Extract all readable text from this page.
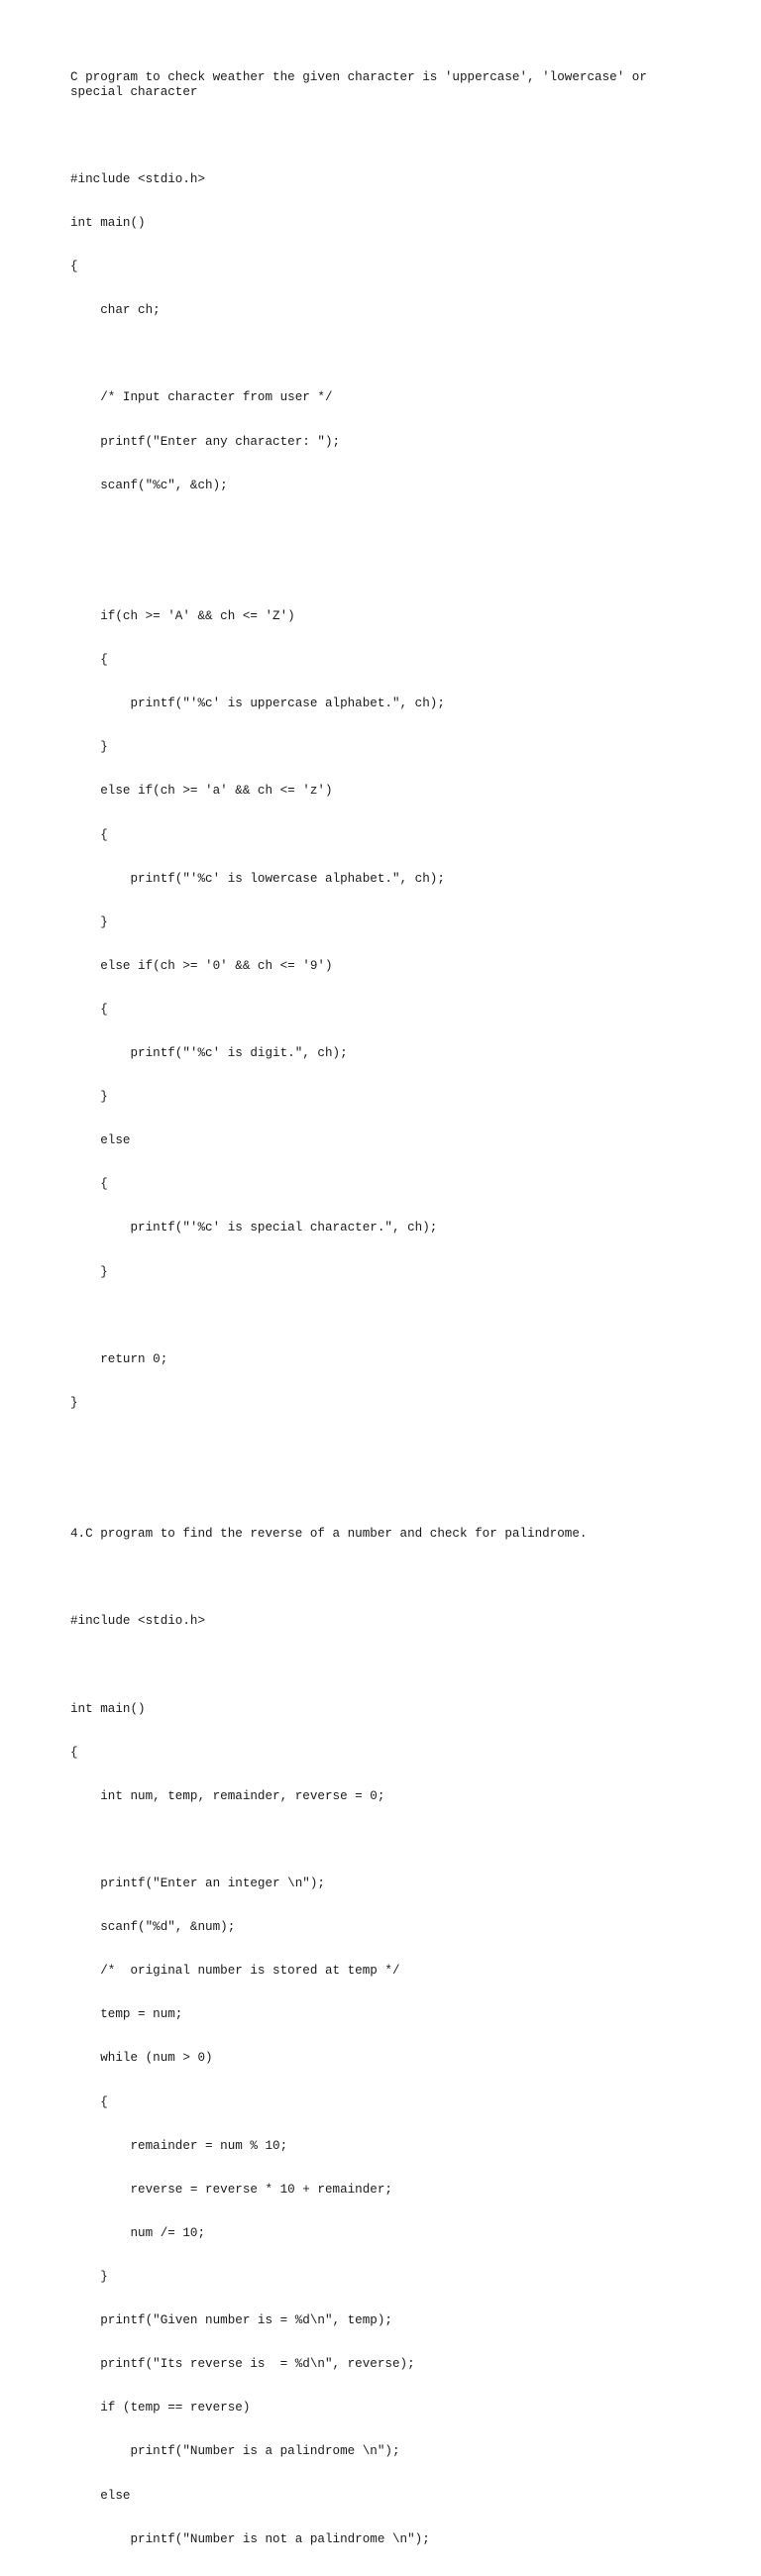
C program to check weather the given character is 'uppercase', 'lowercase' or
special character

#include <stdio.h>

int main()

{

char ch;

/* Input character from user */

printf("Enter any character: ");

scanf("%c", &ch);

if(ch >= 'A' && ch <= 'Z')

{

printf("'%c' is uppercase alphabet.", ch);

}

else if(ch >= 'a' && ch <= 'z')

{

printf("'%c' is lowercase alphabet.", ch);

}

else if(ch >= '0' && ch <= '9')

{

printf("'%c' is digit.", ch);

}

else

{

printf("'%c' is special character.", ch);

}

return 0;

}

4.C program to find the reverse of a number and check for palindrome.

#include <stdio.h>

int main()

{

int num, temp, remainder, reverse = 0;

printf("Enter an integer \n");

scanf("%d", &num);

/*  original number is stored at temp */

temp = num;

while (num > 0)

{

remainder = num % 10;

reverse = reverse * 10 + remainder;

num /= 10;

}

printf("Given number is = %d\n", temp);

printf("Its reverse is  = %d\n", reverse);

if (temp == reverse)

printf("Number is a palindrome \n");

else

printf("Number is not a palindrome \n");
